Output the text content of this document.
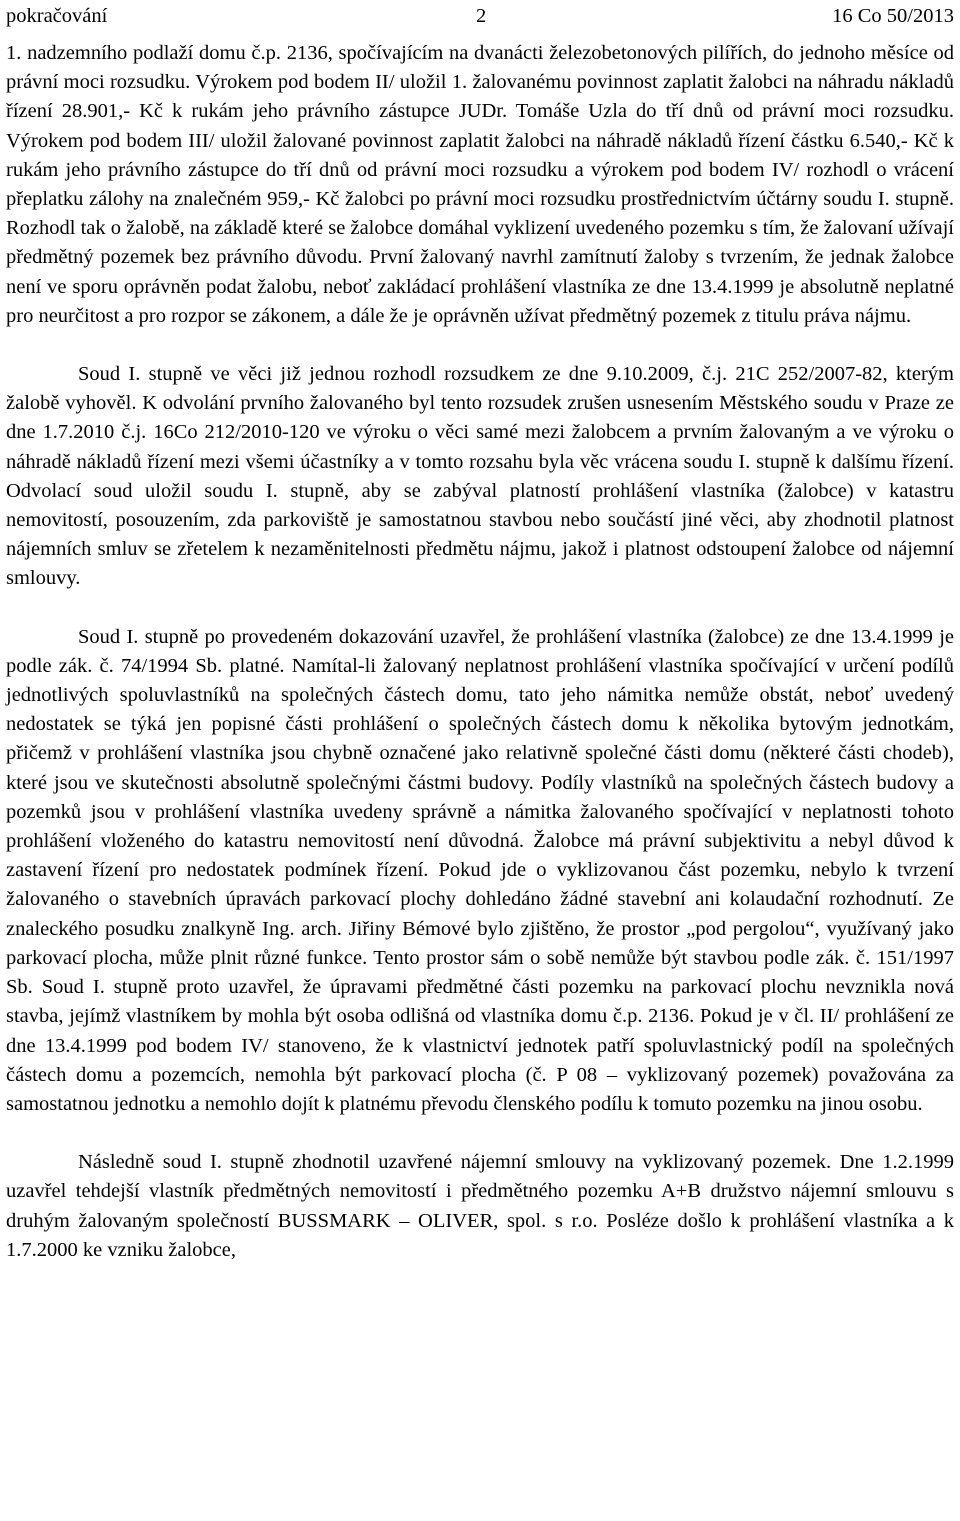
pokračování	2	16 Co 50/2013

1. nadzemního podlaží domu č.p. 2136, spočívajícím na dvanácti železobetonových pilířích, do jednoho měsíce od právní moci rozsudku. Výrokem pod bodem II/ uložil 1. žalovanému povinnost zaplatit žalobci na náhradu nákladů řízení 28.901,- Kč k rukám jeho právního zástupce JUDr. Tomáše Uzla do tří dnů od právní moci rozsudku. Výrokem pod bodem III/ uložil žalované povinnost zaplatit žalobci na náhradě nákladů řízení částku 6.540,- Kč k rukám jeho právního zástupce do tří dnů od právní moci rozsudku a výrokem pod bodem IV/ rozhodl o vrácení přeplatku zálohy na znalečném 959,- Kč žalobci po právní moci rozsudku prostřednictvím účtárny soudu I. stupně. Rozhodl tak o žalobě, na základě které se žalobce domáhal vyklizení uvedeného pozemku s tím, že žalovaní užívají předmětný pozemek bez právního důvodu. První žalovaný navrhl zamítnutí žaloby s tvrzením, že jednak žalobce není ve sporu oprávněn podat žalobu, neboť zakládací prohlášení vlastníka ze dne 13.4.1999 je absolutně neplatné pro neurčitost a pro rozpor se zákonem, a dále že je oprávněn užívat předmětný pozemek z titulu práva nájmu.

Soud I. stupně ve věci již jednou rozhodl rozsudkem ze dne 9.10.2009, č.j. 21C 252/2007-82, kterým žalobě vyhověl. K odvolání prvního žalovaného byl tento rozsudek zrušen usnesením Městského soudu v Praze ze dne 1.7.2010 č.j. 16Co 212/2010-120 ve výroku o věci samé mezi žalobcem a prvním žalovaným a ve výroku o náhradě nákladů řízení mezi všemi účastníky a v tomto rozsahu byla věc vrácena soudu I. stupně k dalšímu řízení. Odvolací soud uložil soudu I. stupně, aby se zabýval platností prohlášení vlastníka (žalobce) v katastru nemovitostí, posouzením, zda parkoviště je samostatnou stavbou nebo součástí jiné věci, aby zhodnotil platnost nájemních smluv se zřetelem k nezaměnitelnosti předmětu nájmu, jakož i platnost odstoupení žalobce od nájemní smlouvy.

Soud I. stupně po provedeném dokazování uzavřel, že prohlášení vlastníka (žalobce) ze dne 13.4.1999 je podle zák. č. 74/1994 Sb. platné. Namítal-li žalovaný neplatnost prohlášení vlastníka spočívající v určení podílů jednotlivých spoluvlastníků na společných částech domu, tato jeho námitka nemůže obstát, neboť uvedený nedostatek se týká jen popisné části prohlášení o společných částech domu k několika bytovým jednotkám, přičemž v prohlášení vlastníka jsou chybně označené jako relativně společné části domu (některé části chodeb), které jsou ve skutečnosti absolutně společnými částmi budovy. Podíly vlastníků na společných částech budovy a pozemků jsou v prohlášení vlastníka uvedeny správně a námitka žalovaného spočívající v neplatnosti tohoto prohlášení vloženého do katastru nemovitostí není důvodná. Žalobce má právní subjektivitu a nebyl důvod k zastavení řízení pro nedostatek podmínek řízení. Pokud jde o vyklizovanou část pozemku, nebylo k tvrzení žalovaného o stavebních úpravách parkovací plochy dohledáno žádné stavební ani kolaudační rozhodnutí. Ze znaleckého posudku znalkyně Ing. arch. Jiřiny Bémové bylo zjištěno, že prostor „pod pergolou“, využívaný jako parkovací plocha, může plnit různé funkce. Tento prostor sám o sobě nemůže být stavbou podle zák. č. 151/1997 Sb. Soud I. stupně proto uzavřel, že úpravami předmětné části pozemku na parkovací plochu nevznikla nová stavba, jejímž vlastníkem by mohla být osoba odlišná od vlastníka domu č.p. 2136. Pokud je v čl. II/ prohlášení ze dne 13.4.1999 pod bodem IV/ stanoveno, že k vlastnictví jednotek patří spoluvlastnický podíl na společných částech domu a pozemcích, nemohla být parkovací plocha (č. P 08 – vyklizovaný pozemek) považována za samostatnou jednotku a nemohlo dojít k platnému převodu členského podílu k tomuto pozemku na jinou osobu.

Následně soud I. stupně zhodnotil uzavřené nájemní smlouvy na vyklizovaný pozemek. Dne 1.2.1999 uzavřel tehdejší vlastník předmětných nemovitostí i předmětného pozemku A+B družstvo nájemní smlouvu s druhým žalovaným společností BUSSMARK – OLIVER, spol. s r.o. Posléze došlo k prohlášení vlastníka a k 1.7.2000 ke vzniku žalobce,
